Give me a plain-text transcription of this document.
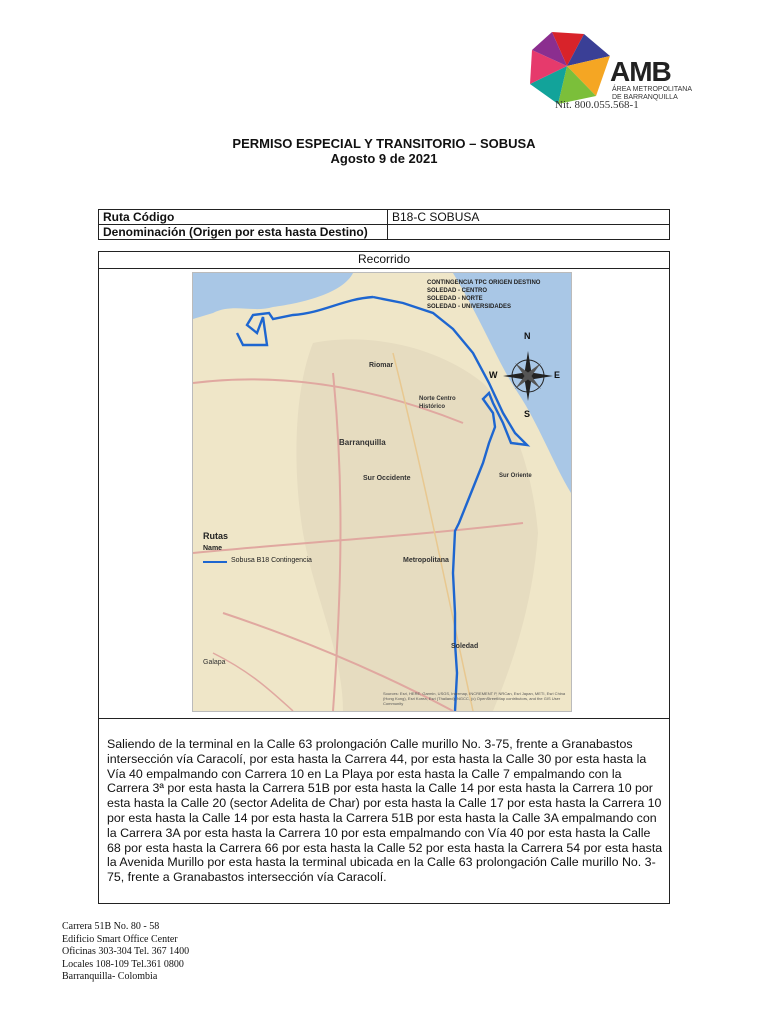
AMB
ÁREA METROPOLITANA
DE BARRANQUILLA
Nit. 800.055.568-1
PERMISO ESPECIAL Y TRANSITORIO – SOBUSA
Agosto 9 de 2021
Ruta Código	B18-C SOBUSA
Denominación (Origen por esta hasta Destino)	
Recorrido
CONTINGENCIA TPC ORIGEN DESTINO
SOLEDAD - CENTRO
SOLEDAD - NORTE
SOLEDAD - UNIVERSIDADES
N
S
E
W
Riomar
Norte Centro Histórico
Barranquilla
Sur Occidente	Sur Oriente
Metropolitana
Soledad
Galapa
Rutas
Name
Sobusa B18 Contingencia
Sources: Esri, HERE, Garmin, USGS, Intermap, INCREMENT P, NRCan, Esri Japan, METI, Esri China (Hong Kong), Esri Korea, Esri (Thailand), NGCC, (c) OpenStreetMap contributors, and the GIS User Community
Saliendo de la terminal en la Calle 63 prolongación Calle murillo No. 3-75, frente a Granabastos intersección vía Caracolí, por esta hasta la Carrera 44, por esta hasta la Calle 30 por esta hasta la Vía 40 empalmando con Carrera 10 en La Playa por esta hasta la Calle 7 empalmando con la Carrera 3ª por esta hasta la Carrera 51B por esta hasta la Calle 14 por esta hasta la Carrera 10 por esta hasta la Calle 20 (sector Adelita de Char) por esta hasta la Calle 17 por esta hasta la Carrera 10 por esta hasta la Calle 14 por esta hasta la Carrera 51B por esta hasta la Calle 3A empalmando con la Carrera 3A por esta hasta la Carrera 10 por esta empalmando con Vía 40 por esta hasta la Calle 68 por esta hasta la Carrera 66 por esta hasta la Calle 52 por esta hasta la Carrera 54 por esta hasta la Avenida Murillo por esta hasta la terminal ubicada en la Calle 63 prolongación Calle murillo No. 3-75, frente a Granabastos intersección vía Caracolí.
Carrera 51B No. 80 - 58
Edificio Smart Office Center
Oficinas 303-304 Tel. 367 1400
Locales 108-109 Tel.361 0800
Barranquilla- Colombia
